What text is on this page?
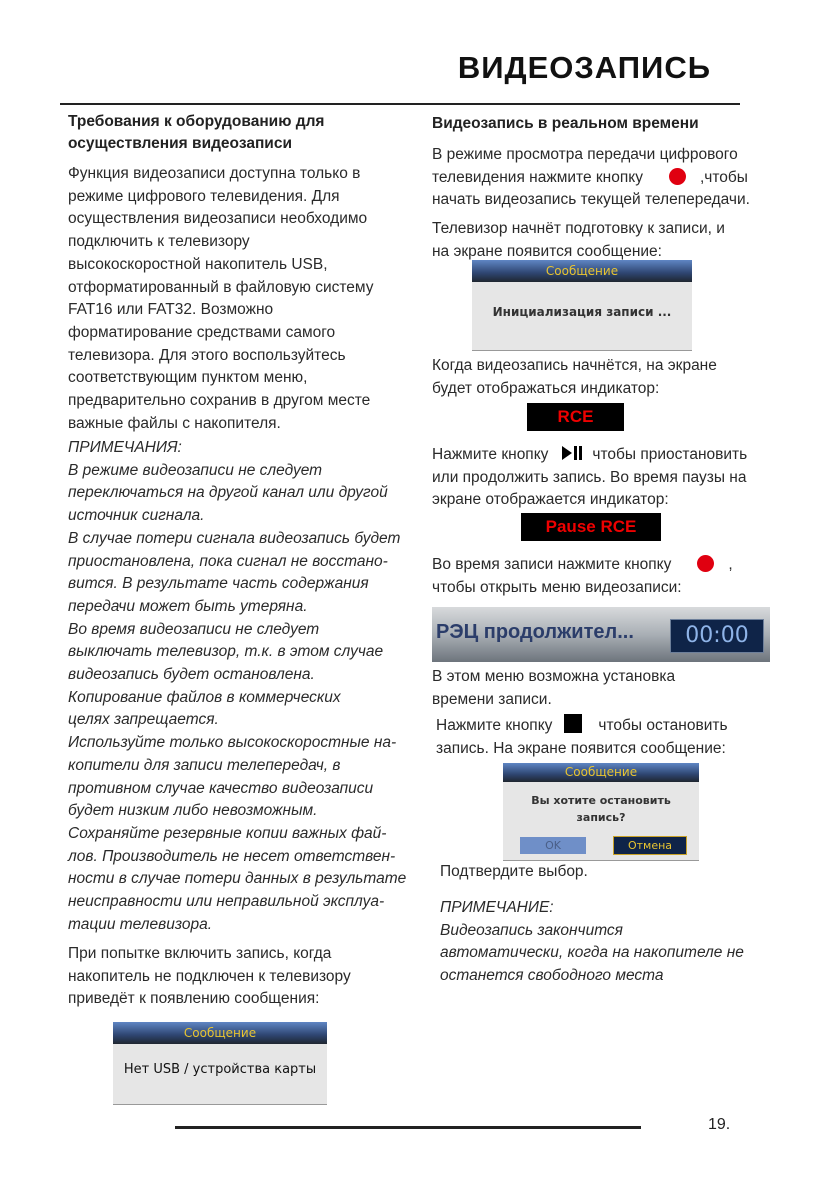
ВИДЕОЗАПИСЬ
Требования к оборудованию для
осуществления видеозаписи
Функция видеозаписи доступна только в
режиме цифрового телевидения. Для
осуществления видеозаписи необходимо
подключить к телевизору
высокоскоростной накопитель USB,
отформатированный в файловую систему
FAT16 или FAT32. Возможно
форматирование средствами самого
телевизора. Для этого воспользуйтесь
соответствующим пунктом меню,
предварительно сохранив в другом месте
важные файлы с накопителя.
ПРИМЕЧАНИЯ:
В режиме видеозаписи не следует
переключаться на другой канал или другой
источник сигнала.
В случае потери сигнала видеозапись будет
приостановлена, пока сигнал не восстано-
вится. В результате часть содержания
передачи может быть утеряна.
Во время видеозаписи не следует
выключать телевизор, т.к. в этом случае
видеозапись будет остановлена.
Копирование файлов в коммерческих
целях запрещается.
Используйте только высокоскоростные на-
копители для записи телепередач, в
противном случае качество видеозаписи
будет низким либо невозможным.
Сохраняйте резервные копии важных фай-
лов. Производитель не несет ответствен-
ности в случае потери данных в результате
неисправности или неправильной эксплуа-
тации телевизора.
При попытке включить запись, когда
накопитель не подключен к телевизору
приведёт к появлению сообщения:
Сообщение
Нет USB / устройства карты
Видеозапись в реальном времени
В режиме просмотра передачи цифрового
телевидения нажмите кнопку	,чтобы
начать видеозапись текущей телепередачи.
Телевизор начнёт подготовку к записи, и
на экране появится сообщение:
Сообщение
Инициализация записи ...
Когда видеозапись начнётся, на экране
будет отображаться индикатор:
RCE
Нажмите кнопку	чтобы приостановить
или продолжить запись. Во время паузы на
экране отображается индикатор:
Pause RCE
Во время записи нажмите кнопку	,
чтобы открыть меню видеозаписи:
РЭЦ продолжител...	00:00
В этом меню возможна установка
времени записи.
Нажмите кнопку	чтобы остановить
запись. На экране появится сообщение:
Сообщение
Вы хотите остановить
запись?
OK	Отмена
Подтвердите выбор.
ПРИМЕЧАНИЕ:
Видеозапись закончится
автоматически, когда на накопителе не
останется свободного места
19.
